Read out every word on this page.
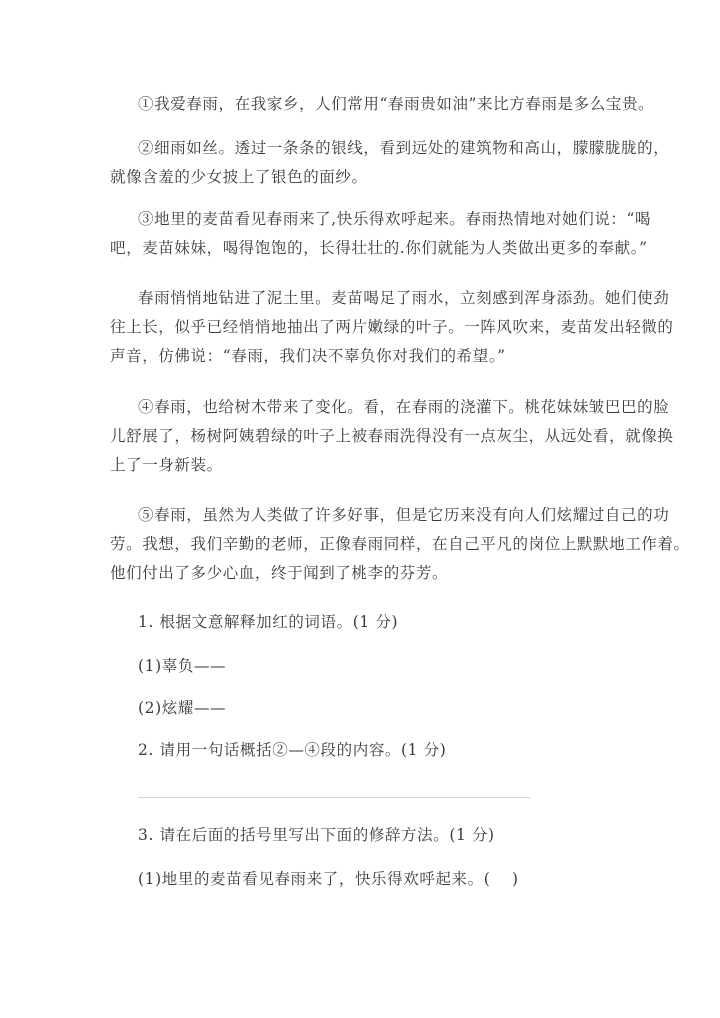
①我爱春雨，在我家乡，人们常用“春雨贵如油”来比方春雨是多么宝贵。
②细雨如丝。透过一条条的银线，看到远处的建筑物和高山，朦朦胧胧的，
就像含羞的少女披上了银色的面纱。
③地里的麦苗看见春雨来了,快乐得欢呼起来。春雨热情地对她们说：“喝
吧，麦苗妹妹，喝得饱饱的，长得壮壮的.你们就能为人类做出更多的奉献。”
春雨悄悄地钻进了泥土里。麦苗喝足了雨水，立刻感到浑身添劲。她们使劲
往上长，似乎已经悄悄地抽出了两片嫩绿的叶子。一阵风吹来，麦苗发出轻微的
声音，仿佛说：“春雨，我们决不辜负你对我们的希望。”
④春雨，也给树木带来了变化。看，在春雨的浇灌下。桃花妹妹皱巴巴的脸
儿舒展了，杨树阿姨碧绿的叶子上被春雨洗得没有一点灰尘，从远处看，就像换
上了一身新装。
⑤春雨，虽然为人类做了许多好事，但是它历来没有向人们炫耀过自己的功
劳。我想，我们辛勤的老师，正像春雨同样，在自己平凡的岗位上默默地工作着。
他们付出了多少心血，终于闻到了桃李的芬芳。
1. 根据文意解释加红的词语。(1 分)
(1)辜负——
(2)炫耀——
2. 请用一句话概括②—④段的内容。(1 分)
3. 请在后面的括号里写出下面的修辞方法。(1 分)
(1)地里的麦苗看见春雨来了，快乐得欢呼起来。(　 )
